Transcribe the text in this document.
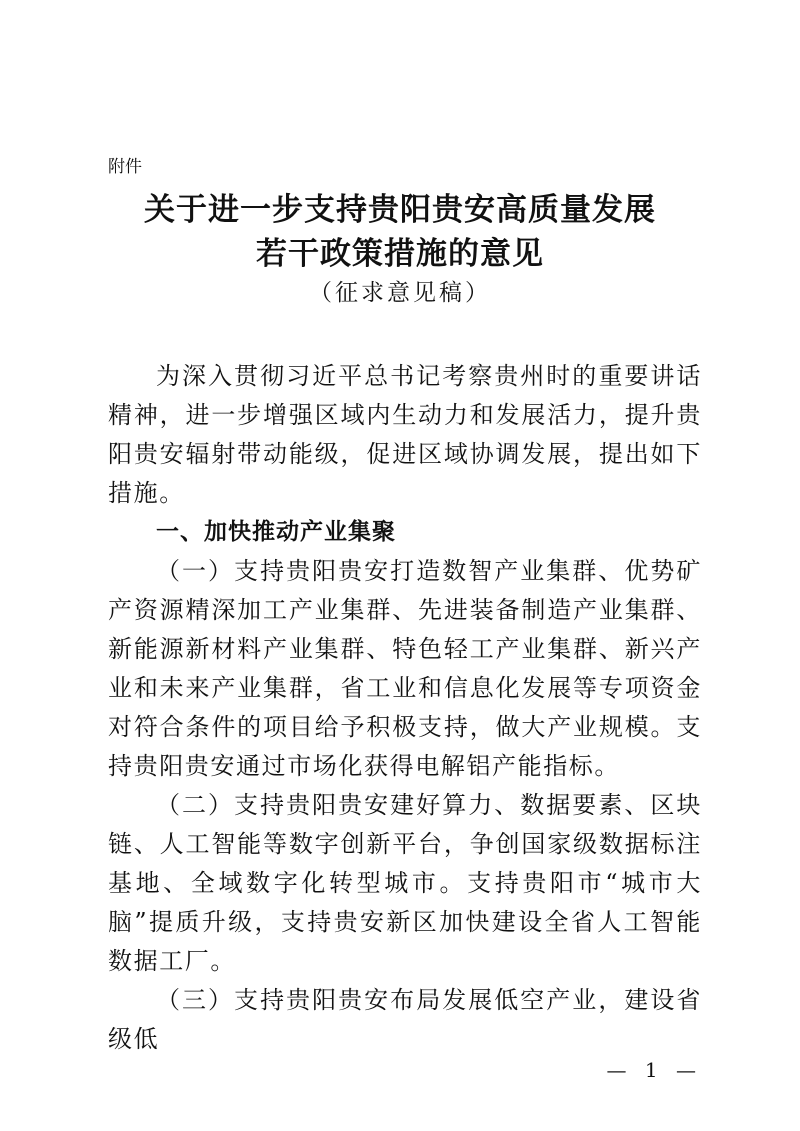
附件
关于进一步支持贵阳贵安高质量发展
若干政策措施的意见
（征求意见稿）

为深入贯彻习近平总书记考察贵州时的重要讲话精神，进一步增强区域内生动力和发展活力，提升贵阳贵安辐射带动能级，促进区域协调发展，提出如下措施。

一、加快推动产业集聚

（一）支持贵阳贵安打造数智产业集群、优势矿产资源精深加工产业集群、先进装备制造产业集群、新能源新材料产业集群、特色轻工产业集群、新兴产业和未来产业集群，省工业和信息化发展等专项资金对符合条件的项目给予积极支持，做大产业规模。支持贵阳贵安通过市场化获得电解铝产能指标。

（二）支持贵阳贵安建好算力、数据要素、区块链、人工智能等数字创新平台，争创国家级数据标注基地、全域数字化转型城市。支持贵阳市“城市大脑”提质升级，支持贵安新区加快建设全省人工智能数据工厂。

（三）支持贵阳贵安布局发展低空产业，建设省级低

— 1 —
